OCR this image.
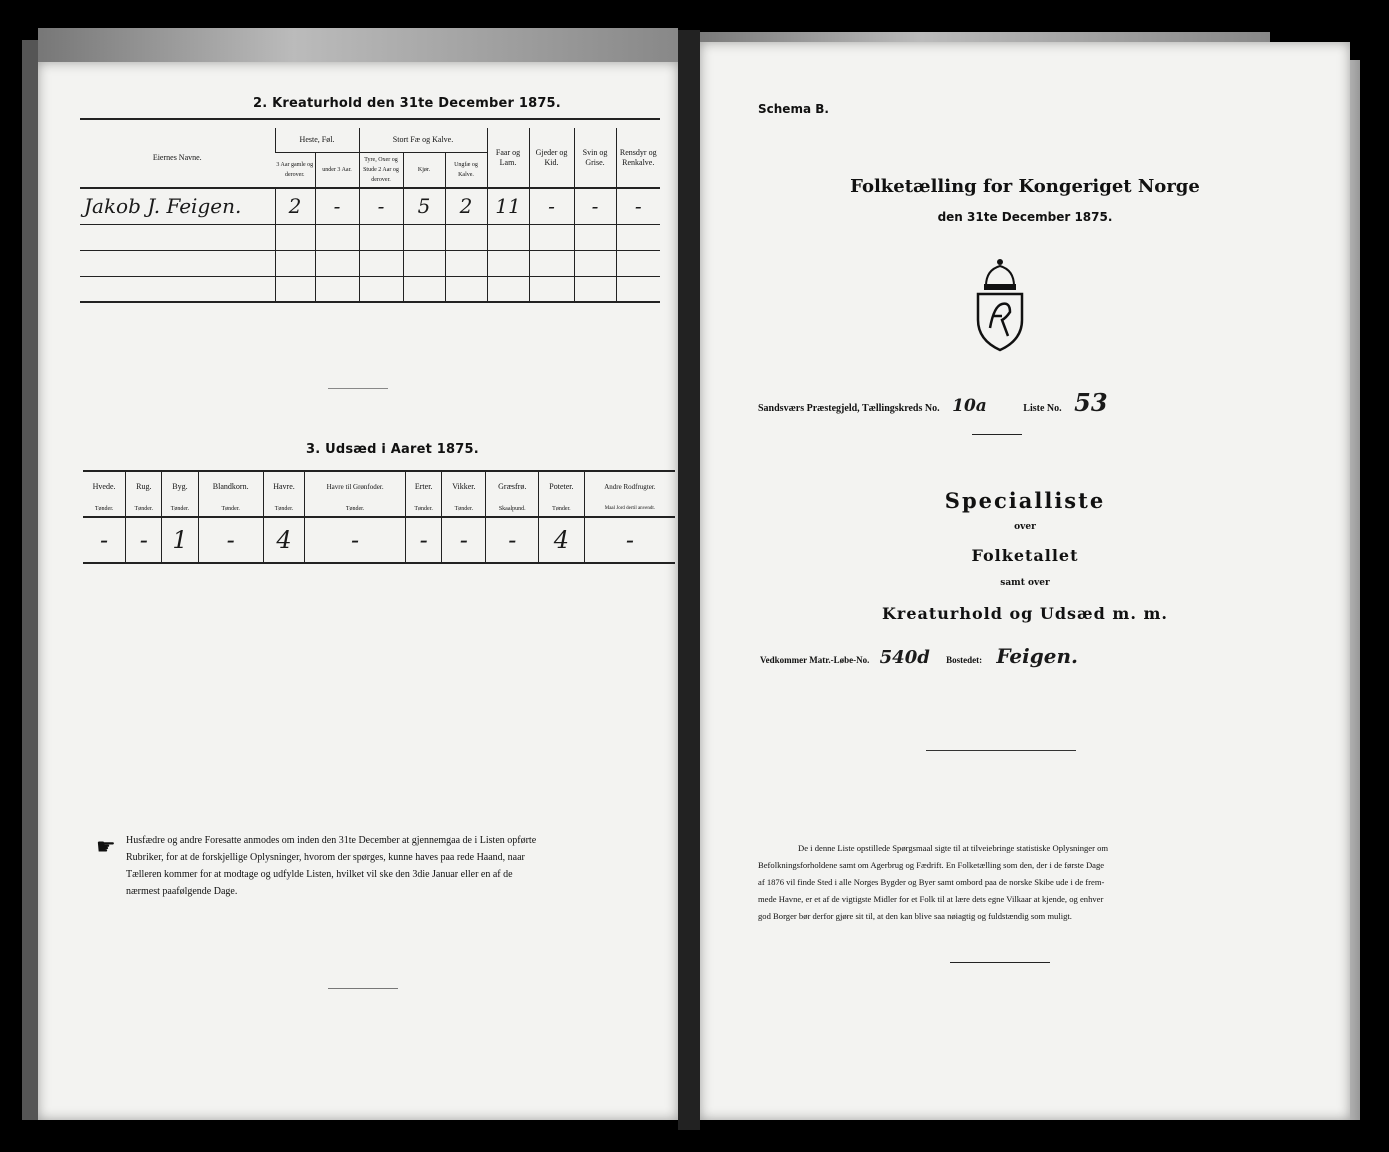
2. Kreaturhold den 31te December 1875.
Eiernes Navne.	Heste, Føl.		Stort Fæ og Kalve.			Faar og Lam.	Gjeder og Kid.	Svin og Grise.	Rensdyr og Renkalve.
	3 Aar gamle og derover.	under 3 Aar.	Tyre, Oxer og Stude 2 Aar og derover.	Kjør.	Ungfæ og Kalve.				
Jakob J. Feigen.	2	-	-	5	2	11	-	-	-

3. Udsæd i Aaret 1875.
Hvede.	Rug.	Byg.	Blandkorn.	Havre.	Havre til Grønfoder.	Erter.	Vikker.	Græsfrø.	Poteter.	Andre Rodfrugter.
Tønder.	Tønder.	Tønder.	Tønder.	Tønder.	Tønder.	Tønder.	Tønder.	Skaalpund.	Tønder.	Maal Jord dertil anvendt.
-	-	1	-	4	-	-	-	-	4	-
☛ Husfædre og andre Foresatte anmodes om inden den 31te December at gjennemgaa de i Listen opførte
Rubriker, for at de forskjellige Oplysninger, hvorom der spørges, kunne haves paa rede Haand, naar
Tælleren kommer for at modtage og udfylde Listen, hvilket vil ske den 3die Januar eller en af de
nærmest paafølgende Dage.
Schema B.
Folketælling for Kongeriget Norge
den 31te December 1875.
Sandsværs Præstegjeld, Tællingskreds No. 10a	Liste No. 53
Specialliste
over
Folketallet
samt over
Kreaturhold og Udsæd m. m.
Vedkommer Matr.-Løbe-No. 540d Bostedet: Feigen.
De i denne Liste opstillede Spørgsmaal sigte til at tilveiebringe statistiske Oplysninger om
Befolkningsforholdene samt om Agerbrug og Fædrift. En Folketælling som den, der i de første Dage
af 1876 vil finde Sted i alle Norges Bygder og Byer samt ombord paa de norske Skibe ude i de frem-
mede Havne, er et af de vigtigste Midler for et Folk til at lære dets egne Vilkaar at kjende, og enhver
god Borger bør derfor gjøre sit til, at den kan blive saa nøiagtig og fuldstændig som muligt.
